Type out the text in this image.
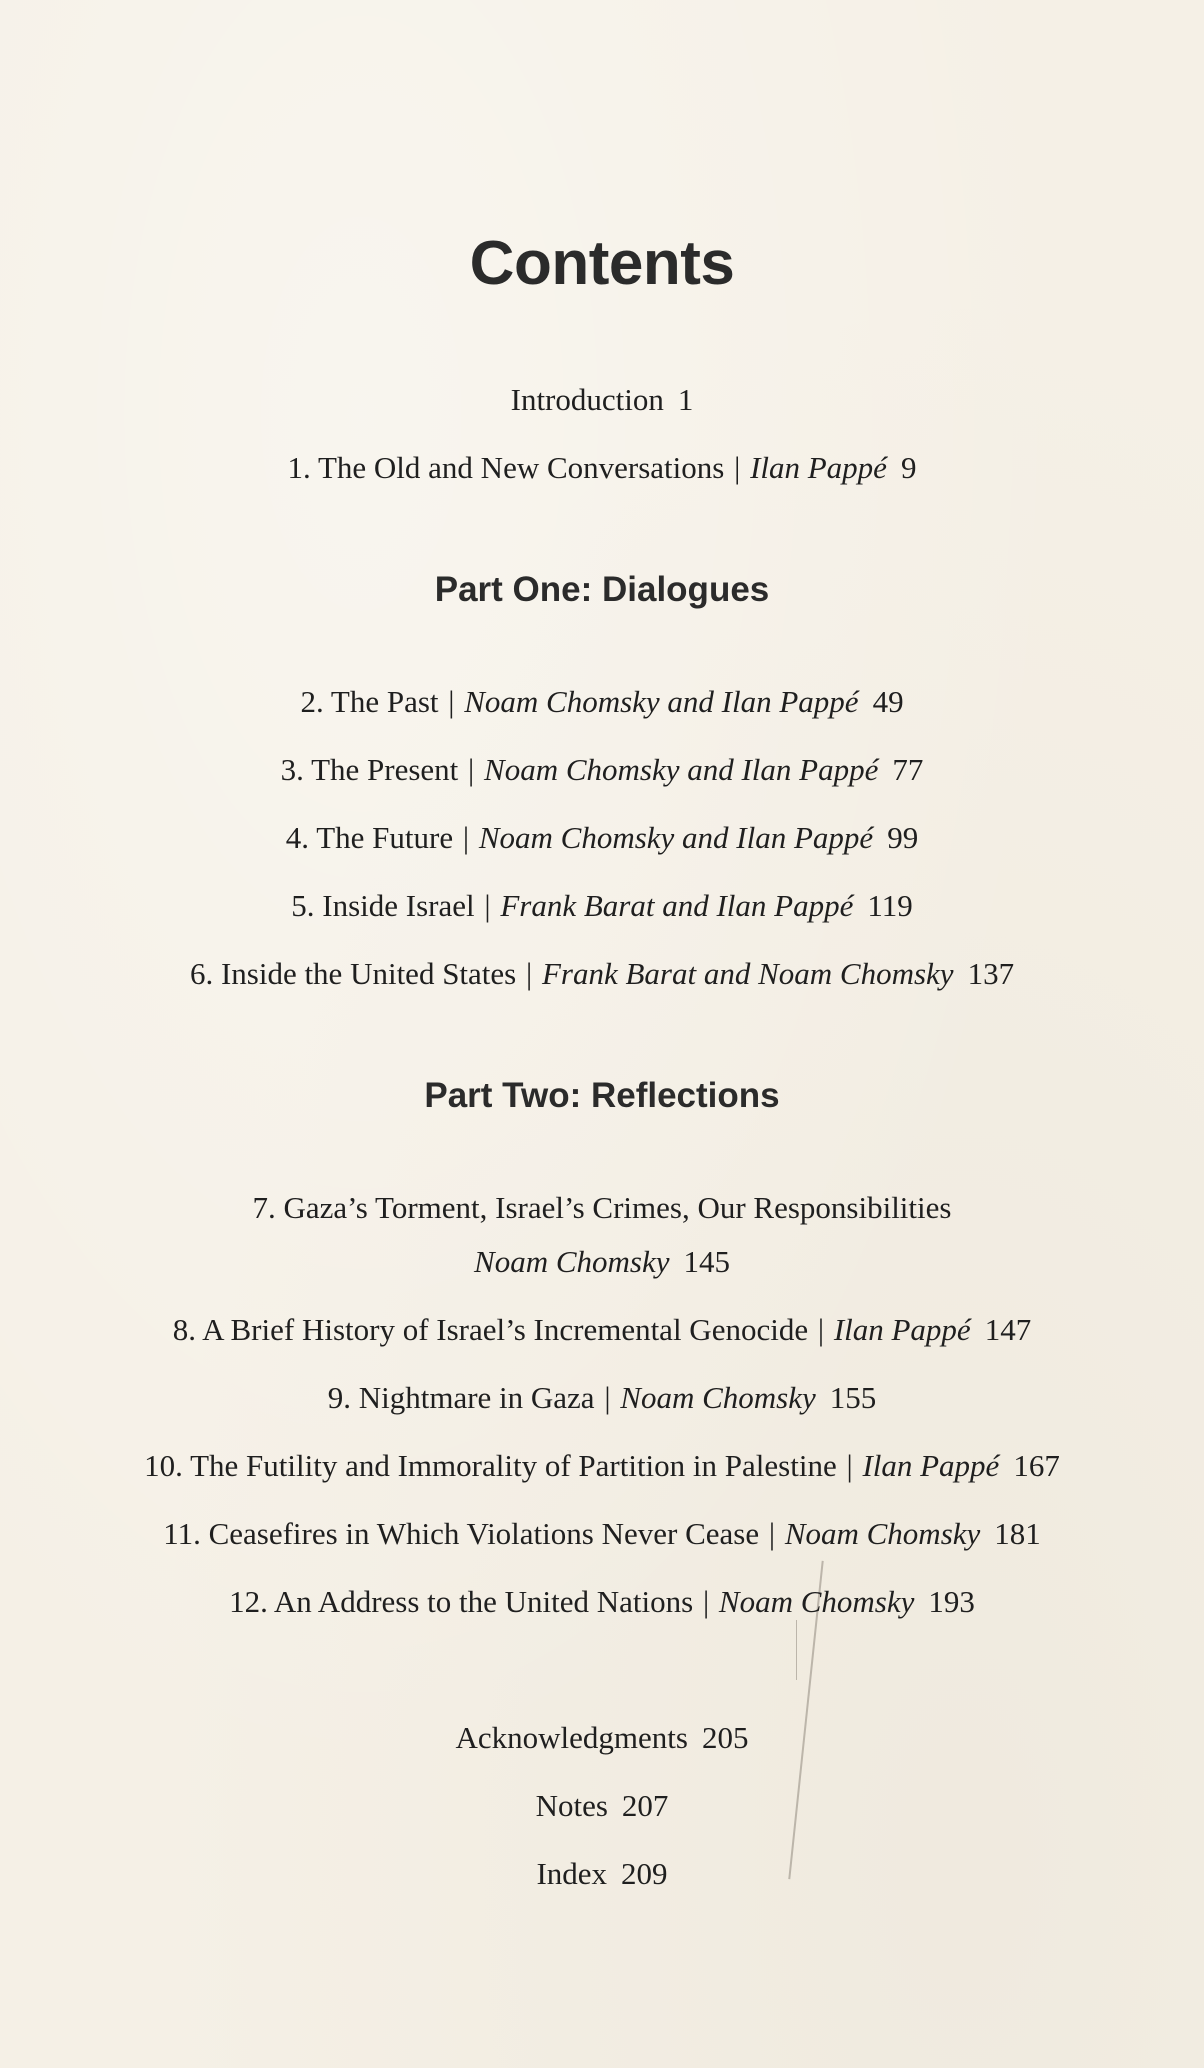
Contents
Introduction 1
1. The Old and New Conversations | Ilan Pappé 9
Part One: Dialogues
2. The Past | Noam Chomsky and Ilan Pappé 49
3. The Present | Noam Chomsky and Ilan Pappé 77
4. The Future | Noam Chomsky and Ilan Pappé 99
5. Inside Israel | Frank Barat and Ilan Pappé 119
6. Inside the United States | Frank Barat and Noam Chomsky 137
Part Two: Reflections
7. Gaza’s Torment, Israel’s Crimes, Our Responsibilities
Noam Chomsky 145
8. A Brief History of Israel’s Incremental Genocide | Ilan Pappé 147
9. Nightmare in Gaza | Noam Chomsky 155
10. The Futility and Immorality of Partition in Palestine | Ilan Pappé 167
11. Ceasefires in Which Violations Never Cease | Noam Chomsky 181
12. An Address to the United Nations | Noam Chomsky 193
Acknowledgments 205
Notes 207
Index 209
